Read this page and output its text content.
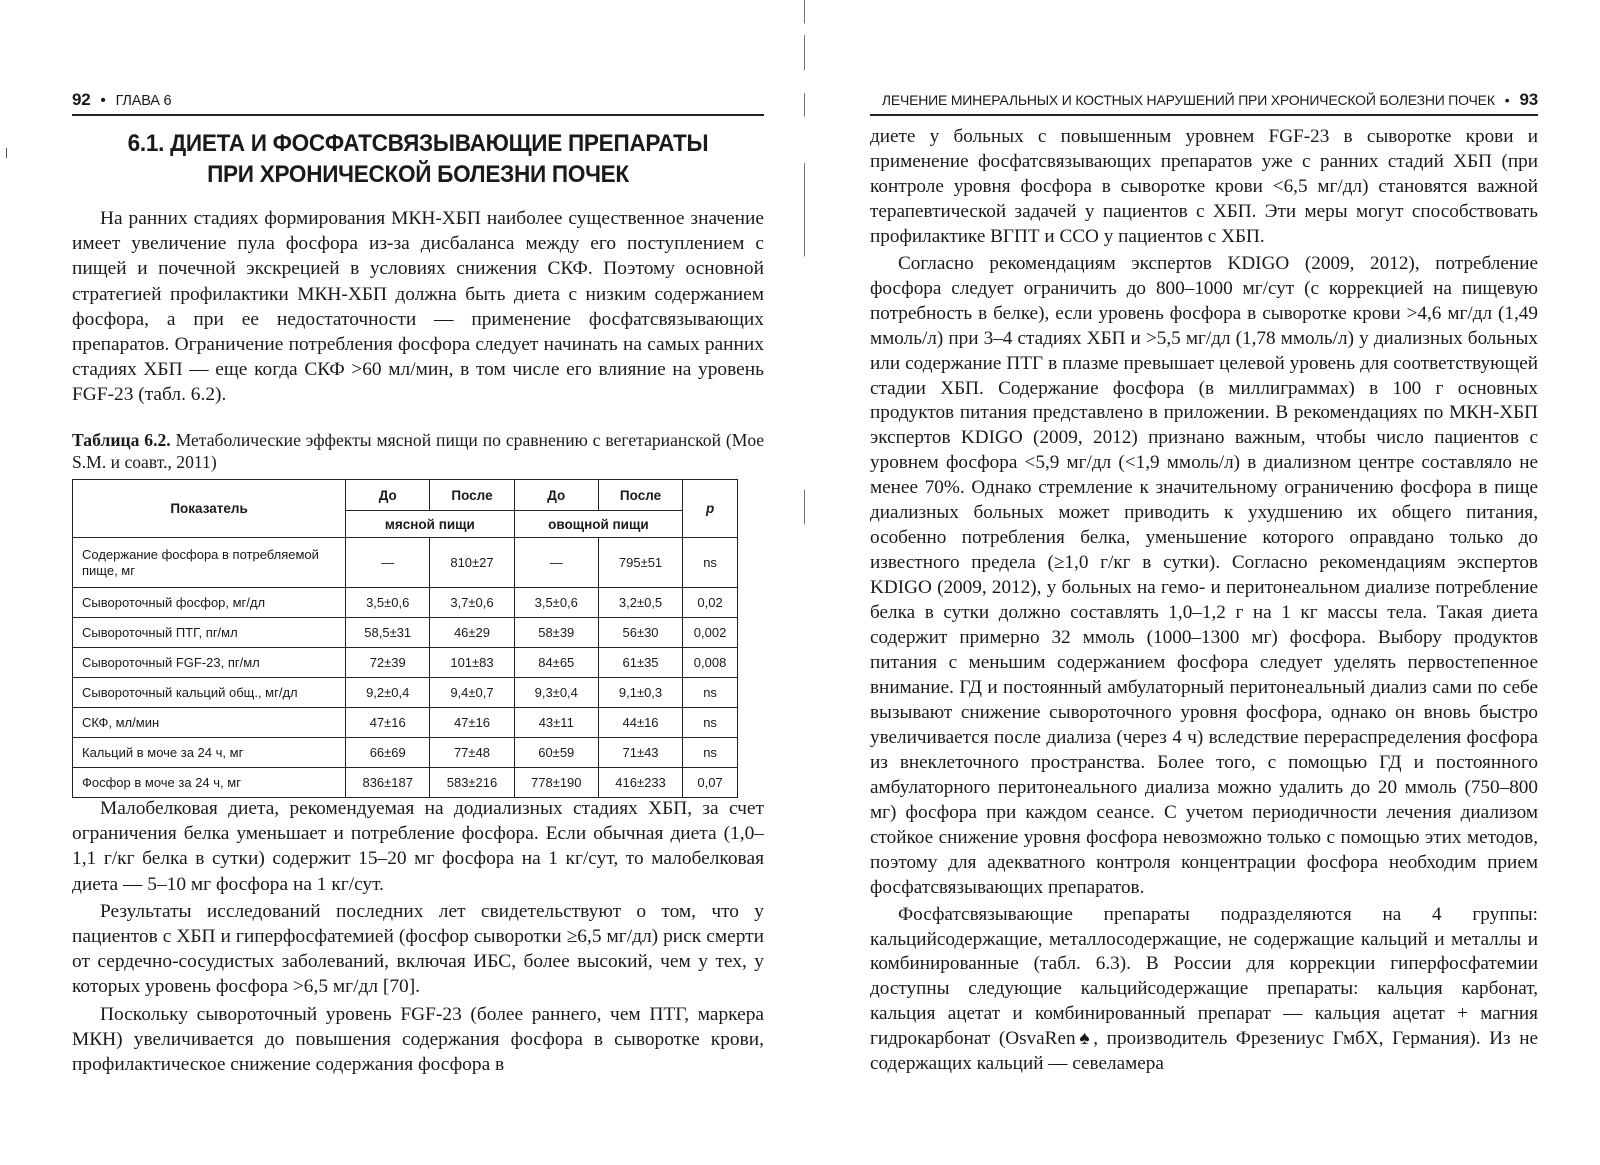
92 • ГЛАВА 6
6.1. ДИЕТА И ФОСФАТСВЯЗЫВАЮЩИЕ ПРЕПАРАТЫ
ПРИ ХРОНИЧЕСКОЙ БОЛЕЗНИ ПОЧЕК

На ранних стадиях формирования МКН-ХБП наиболее существенное значение имеет увеличение пула фосфора из-за дисбаланса между его поступлением с пищей и почечной экскрецией в условиях снижения СКФ. Поэтому основной стратегией профилактики МКН-ХБП должна быть диета с низким содержанием фосфора, а при ее недостаточности — применение фосфатсвязывающих препаратов. Ограничение потребления фосфора следует начинать на самых ранних стадиях ХБП — еще когда СКФ >60 мл/мин, в том числе его влияние на уровень FGF-23 (табл. 6.2).

Таблица 6.2. Метаболические эффекты мясной пищи по сравнению с вегетарианской (Moe S.M. и соавт., 2011)
Показатель	До	После	До	После	p
	мясной пищи		овощной пищи		
Содержание фосфора в потребляемой пище, мг	—	810±27	—	795±51	ns
Сывороточный фосфор, мг/дл	3,5±0,6	3,7±0,6	3,5±0,6	3,2±0,5	0,02
Сывороточный ПТГ, пг/мл	58,5±31	46±29	58±39	56±30	0,002
Сывороточный FGF-23, пг/мл	72±39	101±83	84±65	61±35	0,008
Сывороточный кальций общ., мг/дл	9,2±0,4	9,4±0,7	9,3±0,4	9,1±0,3	ns
СКФ, мл/мин	47±16	47±16	43±11	44±16	ns
Кальций в моче за 24 ч, мг	66±69	77±48	60±59	71±43	ns
Фосфор в моче за 24 ч, мг	836±187	583±216	778±190	416±233	0,07

Малобелковая диета, рекомендуемая на додиализных стадиях ХБП, за счет ограничения белка уменьшает и потребление фосфора. Если обычная диета (1,0–1,1 г/кг белка в сутки) содержит 15–20 мг фосфора на 1 кг/сут, то малобелковая диета — 5–10 мг фосфора на 1 кг/сут.

Результаты исследований последних лет свидетельствуют о том, что у пациентов с ХБП и гиперфосфатемией (фосфор сыворотки ≥6,5 мг/дл) риск смерти от сердечно-сосудистых заболеваний, включая ИБС, более высокий, чем у тех, у которых уровень фосфора >6,5 мг/дл [70].

Поскольку сывороточный уровень FGF-23 (более раннего, чем ПТГ, маркера МКН) увеличивается до повышения содержания фосфора в сыворотке крови, профилактическое снижение содержания фосфора в

ЛЕЧЕНИЕ МИНЕРАЛЬНЫХ И КОСТНЫХ НАРУШЕНИЙ ПРИ ХРОНИЧЕСКОЙ БОЛЕЗНИ ПОЧЕК • 93

диете у больных с повышенным уровнем FGF-23 в сыворотке крови и применение фосфатсвязывающих препаратов уже с ранних стадий ХБП (при контроле уровня фосфора в сыворотке крови <6,5 мг/дл) становятся важной терапевтической задачей у пациентов с ХБП. Эти меры могут способствовать профилактике ВГПТ и ССО у пациентов с ХБП.

Согласно рекомендациям экспертов KDIGO (2009, 2012), потребление фосфора следует ограничить до 800–1000 мг/сут (с коррекцией на пищевую потребность в белке), если уровень фосфора в сыворотке крови >4,6 мг/дл (1,49 ммоль/л) при 3–4 стадиях ХБП и >5,5 мг/дл (1,78 ммоль/л) у диализных больных или содержание ПТГ в плазме превышает целевой уровень для соответствующей стадии ХБП. Содержание фосфора (в миллиграммах) в 100 г основных продуктов питания представлено в приложении. В рекомендациях по МКН-ХБП экспертов KDIGO (2009, 2012) признано важным, чтобы число пациентов с уровнем фосфора <5,9 мг/дл (<1,9 ммоль/л) в диализном центре составляло не менее 70%. Однако стремление к значительному ограничению фосфора в пище диализных больных может приводить к ухудшению их общего питания, особенно потребления белка, уменьшение которого оправдано только до известного предела (≥1,0 г/кг в сутки). Согласно рекомендациям экспертов KDIGO (2009, 2012), у больных на гемо- и перитонеальном диализе потребление белка в сутки должно составлять 1,0–1,2 г на 1 кг массы тела. Такая диета содержит примерно 32 ммоль (1000–1300 мг) фосфора. Выбору продуктов питания с меньшим содержанием фосфора следует уделять первостепенное внимание. ГД и постоянный амбулаторный перитонеальный диализ сами по себе вызывают снижение сывороточного уровня фосфора, однако он вновь быстро увеличивается после диализа (через 4 ч) вследствие перераспределения фосфора из внеклеточного пространства. Более того, с помощью ГД и постоянного амбулаторного перитонеального диализа можно удалить до 20 ммоль (750–800 мг) фосфора при каждом сеансе. С учетом периодичности лечения диализом стойкое снижение уровня фосфора невозможно только с помощью этих методов, поэтому для адекватного контроля концентрации фосфора необходим прием фосфатсвязывающих препаратов.

Фосфатсвязывающие препараты подразделяются на 4 группы: кальцийсодержащие, металлосодержащие, не содержащие кальций и металлы и комбинированные (табл. 6.3). В России для коррекции гиперфосфатемии доступны следующие кальцийсодержащие препараты: кальция карбонат, кальция ацетат и комбинированный препарат — кальция ацетат + магния гидрокарбонат (OsvaRen♠, производитель Фрезениус ГмбХ, Германия). Из не содержащих кальций — севеламера
